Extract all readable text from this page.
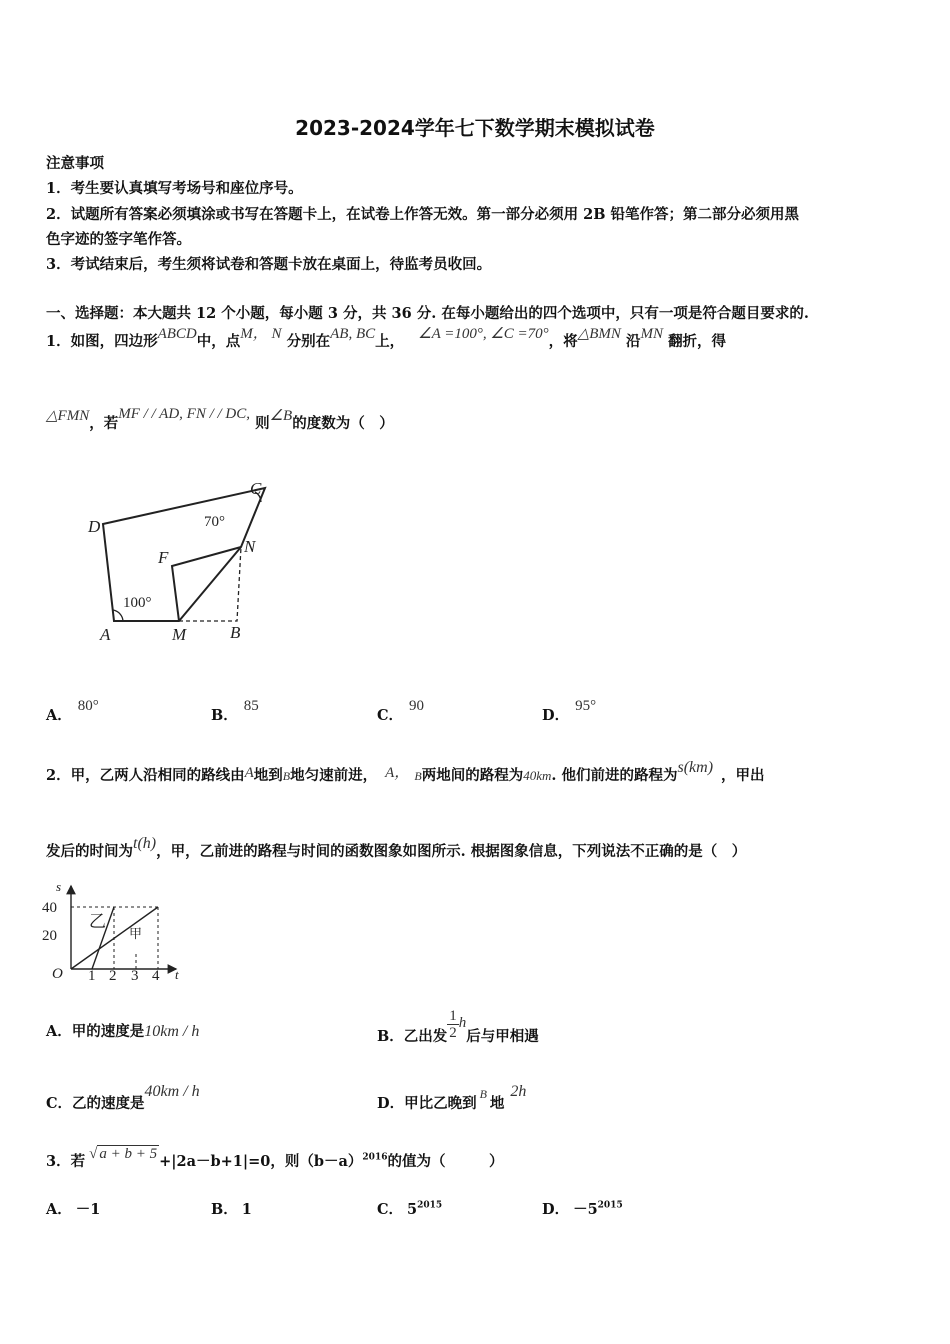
2023-2024学年七下数学期末模拟试卷
注意事项
1．考生要认真填写考场号和座位序号。
2．试题所有答案必须填涂或书写在答题卡上，在试卷上作答无效。第一部分必须用 2B 铅笔作答；第二部分必须用黑
色字迹的签字笔作答。
3．考试结束后，考生须将试卷和答题卡放在桌面上，待监考员收回。
一、选择题：本大题共 12 个小题，每小题 3 分，共 36 分. 在每小题给出的四个选项中，只有一项是符合题目要求的.
1．如图，四边形ABCD中，点M， N 分别在AB, BC上， ∠A =100°, ∠C =70°，将△BMN 沿MN 翻折，得
△FMN，若MF / / AD, FN / / DC, 则∠B的度数为（　）
D
C
N
F
A	M	B
70°
100°
A．80°
B．85
C．90
D．95°
2．甲，乙两人沿相同的路线由A地到B地匀速前进， A， B两地间的路程为40km. 他们前进的路程为s(km) ，甲出
发后的时间为t(h)，甲，乙前进的路程与时间的函数图象如图所示. 根据图象信息，下列说法不正确的是（　）
40
20
1 2 3 4
s
t
O
乙
甲
A．甲的速度是10km / h	B．乙出发 $\frac{1}{2}$ h后与甲相遇
C．乙的速度是40km / h
D．甲比乙晚到$^B$地2h
3．若 √ a + b + 5 +|2a－b+1|=0，则$(b-a)^{2016}$的值为（　　　）
A． －1	B． 1	C． $5^{2015}$	D． $-5^{2015}$
